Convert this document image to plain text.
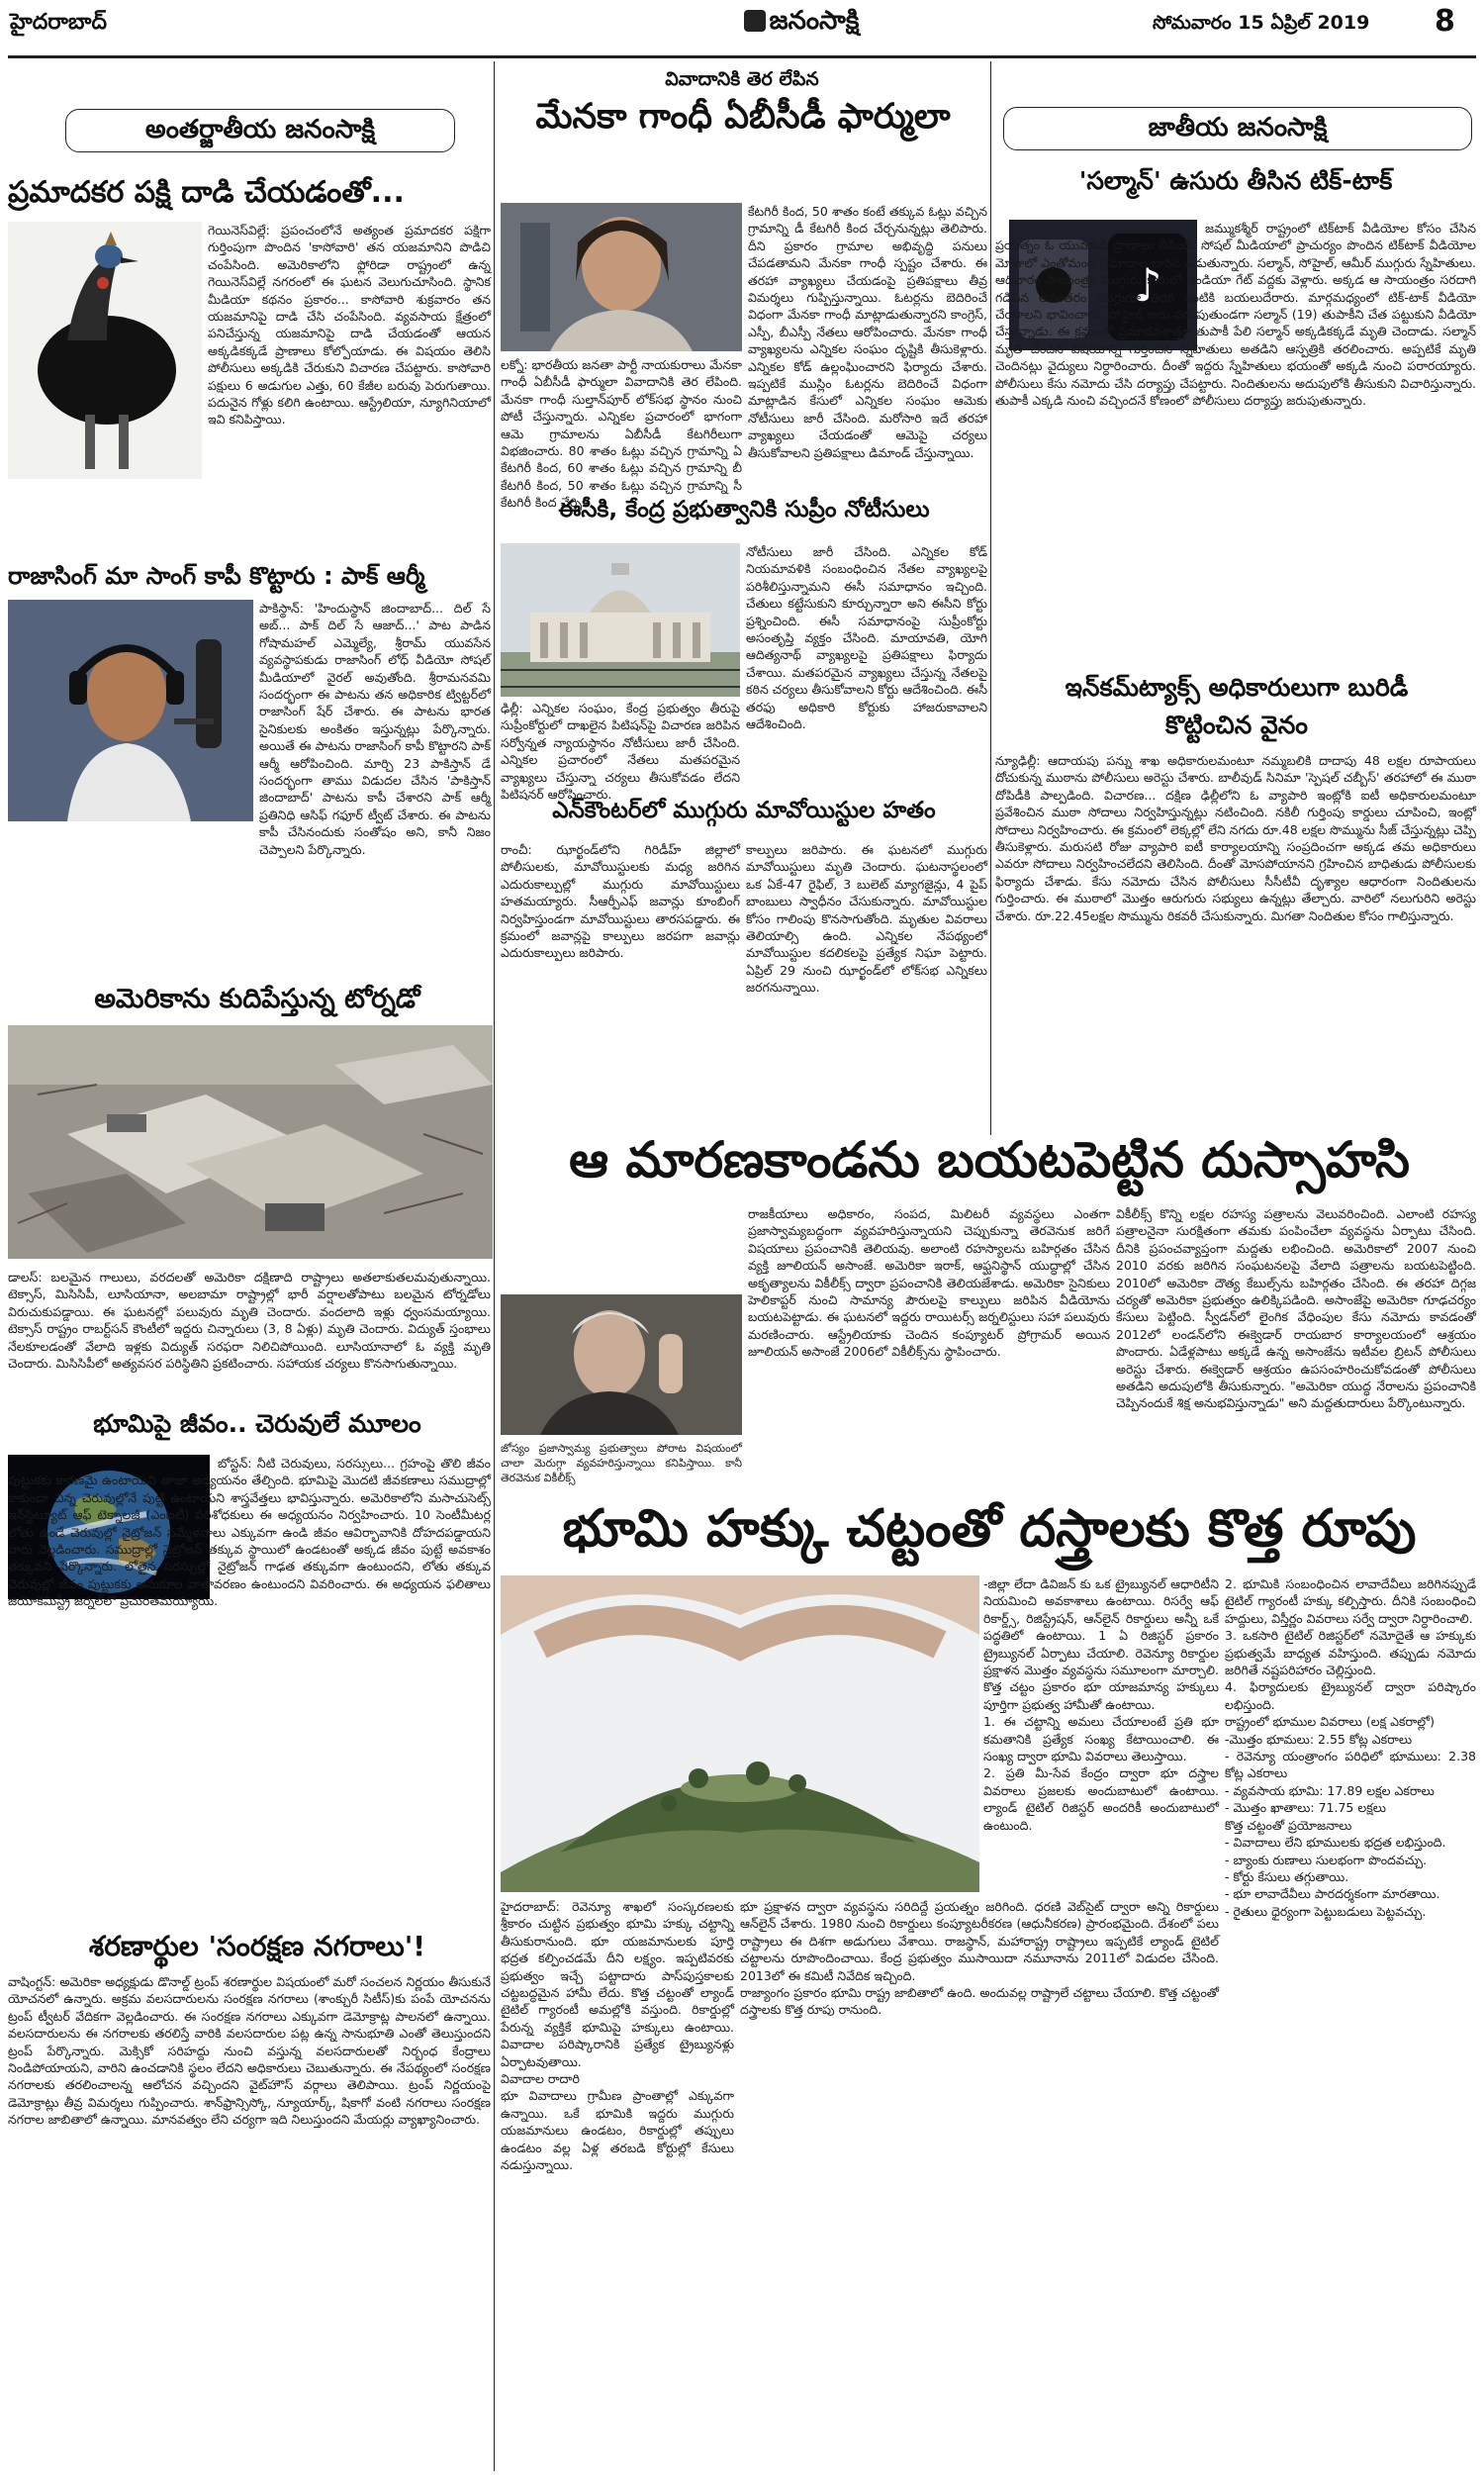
హైదరాబాద్	జనంసాక్షి	సోమవారం 15 ఏప్రిల్ 2019	8
అంతర్జాతీయ జనంసాక్షి
ప్రమాదకర పక్షి దాడి చేయడంతో...
గెయినెస్‌విల్లే: ప్రపంచంలోనే అత్యంత ప్రమాదకర పక్షిగా గుర్తింపుగా పొందిన 'కాసోవారి' తన యజమానిని పొడిచి చంపేసింది. అమెరికాలోని ఫ్లోరిడా రాష్ట్రంలో ఉన్న గెయినెస్‌విల్లే నగరంలో ఈ ఘటన వెలుగుచూసింది. స్థానిక మీడియా కథనం ప్రకారం... కాసోవారి శుక్రవారం తన యజమానిపై దాడి చేసి చంపేసింది. వ్యవసాయ క్షేత్రంలో పనిచేస్తున్న యజమానిపై దాడి చేయడంతో ఆయన అక్కడికక్కడే ప్రాణాలు కోల్పోయాడు. ఈ విషయం తెలిసి పోలీసులు అక్కడికి చేరుకుని విచారణ చేపట్టారు. కాసోవారి పక్షులు 6 అడుగుల ఎత్తు, 60 కేజీల బరువు పెరుగుతాయి. పదునైన గోళ్లు కలిగి ఉంటాయి. ఆస్ట్రేలియా, న్యూగినియాలో ఇవి కనిపిస్తాయి.
రాజాసింగ్‌ మా సాంగ్‌ కాపీ కొట్టారు : పాక్‌ ఆర్మీ
పాకిస్థాన్‌: 'హిందుస్థాన్‌ జిందాబాద్‌... దిల్‌ సే అబ్‌... పాక్‌ దిల్‌ సే ఆజాద్‌...' పాట పాడిన గోషామహల్‌ ఎమ్మెల్యే, శ్రీరామ్‌ యువసేన వ్యవస్థాపకుడు రాజాసింగ్‌ లోధ్‌ వీడియో సోషల్‌ మీడియాలో వైరల్‌ అవుతోంది. శ్రీరామనవమి సందర్భంగా ఈ పాటను తన అధికారిక ట్విట్టర్‌లో రాజాసింగ్‌ షేర్‌ చేశారు. ఈ పాటను భారత సైనికులకు అంకితం ఇస్తున్నట్లు పేర్కొన్నారు. అయితే ఈ పాటను రాజాసింగ్‌ కాపీ కొట్టారని పాక్‌ ఆర్మీ ఆరోపించింది. మార్చి 23 పాకిస్తాన్‌ డే సందర్భంగా తాము విడుదల చేసిన 'పాకిస్తాన్‌ జిందాబాద్‌' పాటను కాపీ చేశారని పాక్‌ ఆర్మీ ప్రతినిధి ఆసిఫ్‌ గఫూర్‌ ట్వీట్‌ చేశారు. ఈ పాటను కాపీ చేసినందుకు సంతోషం అని, కానీ నిజం చెప్పాలని పేర్కొన్నారు.
అమెరికాను కుదిపేస్తున్న టోర్నడో
డాలస్‌: బలమైన గాలులు, వరదలతో అమెరికా దక్షిణాది రాష్ట్రాలు అతలాకుతలమవుతున్నాయి. టెక్సాస్‌, మిసిసిపీ, లూసియానా, అలబామా రాష్ట్రాల్లో భారీ వర్షాలతోపాటు బలమైన టోర్నడోలు విరుచుకుపడ్డాయి. ఈ ఘటనల్లో పలువురు మృతి చెందారు. వందలాది ఇళ్లు ధ్వంసమయ్యాయి. టెక్సాస్‌ రాష్ట్రం రాబర్ట్‌సన్‌ కౌంటీలో ఇద్దరు చిన్నారులు (3, 8 ఏళ్లు) మృతి చెందారు. విద్యుత్‌ స్తంభాలు నేలకూలడంతో వేలాది ఇళ్లకు విద్యుత్‌ సరఫరా నిలిచిపోయింది. లూసియానాలో ఓ వ్యక్తి మృతి చెందారు. మిసిసిపీలో అత్యవసర పరిస్థితిని ప్రకటించారు. సహాయక చర్యలు కొనసాగుతున్నాయి.
భూమిపై జీవం.. చెరువులే మూలం
బోస్టన్‌: నీటి చెరువులు, సరస్సులు... గ్రహంపై తొలి జీవం పుట్టుకకు కారణమై ఉంటాయని తాజా అధ్యయనం తేల్చింది. భూమిపై మొదటి జీవకణాలు సముద్రాల్లో కాకుండా చిన్న చెరువుల్లోనే పుట్టి ఉంటాయని శాస్త్రవేత్తలు భావిస్తున్నారు. అమెరికాలోని మసాచుసెట్స్‌ ఇన్‌స్టిట్యూట్‌ ఆఫ్‌ టెక్నాలజీ (ఎంఐటీ) పరిశోధకులు ఈ అధ్యయనం నిర్వహించారు. 10 సెంటీమీటర్ల లోతు ఉండే చెరువుల్లో నైట్రోజన్‌ సమ్మేళనాలు ఎక్కువగా ఉండి జీవం ఆవిర్భావానికి దోహదపడ్డాయని వారు వెల్లడించారు. సముద్రాల్లో నైట్రోజన్‌ తక్కువ స్థాయిలో ఉండటంతో అక్కడ జీవం పుట్టే అవకాశం తక్కువని పేర్కొన్నారు. లోతైన సరస్సుల్లో నైట్రోజన్‌ గాఢత తక్కువగా ఉంటుందని, లోతు తక్కువ చెరువుల్లో జీవం పుట్టుకకు అనుకూల వాతావరణం ఉంటుందని వివరించారు. ఈ అధ్యయన ఫలితాలు జియోకెమిస్ట్రీ జర్నల్‌లో ప్రచురితమయ్యాయి.
శరణార్థుల 'సంరక్షణ నగరాలు'!
వాషింగ్టన్‌: అమెరికా అధ్యక్షుడు డొనాల్డ్‌ ట్రంప్‌ శరణార్థుల విషయంలో మరో సంచలన నిర్ణయం తీసుకునే యోచనలో ఉన్నారు. అక్రమ వలసదారులను సంరక్షణ నగరాలు (శాంక్చురీ సిటీస్‌)కు పంపే యోచనను ట్రంప్‌ ట్వీటర్‌ వేదికగా వెల్లడించారు. ఈ సంరక్షణ నగరాలు ఎక్కువగా డెమోక్రాట్ల పాలనలో ఉన్నాయి. వలసదారులను ఈ నగరాలకు తరలిస్తే వారికి వలసదారుల పట్ల ఉన్న సానుభూతి ఎంతో తెలుస్తుందని ట్రంప్‌ పేర్కొన్నారు. మెక్సికో సరిహద్దు నుంచి వస్తున్న వలసదారులతో నిర్బంధ కేంద్రాలు నిండిపోయాయని, వారిని ఉంచడానికి స్థలం లేదని అధికారులు చెబుతున్నారు. ఈ నేపథ్యంలో సంరక్షణ నగరాలకు తరలించాలన్న ఆలోచన వచ్చిందని వైట్‌హౌస్‌ వర్గాలు తెలిపాయి. ట్రంప్‌ నిర్ణయంపై డెమోక్రాట్లు తీవ్ర విమర్శలు గుప్పించారు. శాన్‌ఫ్రాన్సిస్కో, న్యూయార్క్‌, షికాగో వంటి నగరాలు సంరక్షణ నగరాల జాబితాలో ఉన్నాయి. మానవత్వం లేని చర్యగా ఇది నిలుస్తుందని మేయర్లు వ్యాఖ్యానించారు.
వివాదానికి తెర లేపిన
మేనకా గాంధీ ఏబీసీడీ ఫార్ములా
లక్నో: భారతీయ జనతా పార్టీ నాయకురాలు మేనకా గాంధీ ఏబీసీడీ ఫార్ములా వివాదానికి తెర లేపింది. మేనకా గాంధీ సుల్తాన్‌పూర్‌ లోక్‌సభ స్థానం నుంచి పోటీ చేస్తున్నారు. ఎన్నికల ప్రచారంలో భాగంగా ఆమె గ్రామాలను ఏబీసీడీ కేటగిరీలుగా విభజించారు. 80 శాతం ఓట్లు వచ్చిన గ్రామాన్ని ఏ కేటగిరీ కింద, 60 శాతం ఓట్లు వచ్చిన గ్రామాన్ని బీ కేటగిరీ కింద, 50 శాతం ఓట్లు వచ్చిన గ్రామాన్ని సీ కేటగిరీ కింద చేర్చి
కేటగిరీ కింద, 50 శాతం కంటే తక్కువ ఓట్లు వచ్చిన గ్రామాన్ని డీ కేటగిరీ కింద చేర్చనున్నట్లు తెలిపారు. దీని ప్రకారం గ్రామాల అభివృద్ధి పనులు చేపడతామని మేనకా గాంధీ స్పష్టం చేశారు. ఈ తరహా వ్యాఖ్యలు చేయడంపై ప్రతిపక్షాలు తీవ్ర విమర్శలు గుప్పిస్తున్నాయి. ఓటర్లను బెదిరించే విధంగా మేనకా గాంధీ మాట్లాడుతున్నారని కాంగ్రెస్‌, ఎస్పీ, బీఎస్పీ నేతలు ఆరోపించారు. మేనకా గాంధీ వ్యాఖ్యలను ఎన్నికల సంఘం దృష్టికి తీసుకెళ్లారు. ఎన్నికల కోడ్‌ ఉల్లంఘించారని ఫిర్యాదు చేశారు. ఇప్పటికే ముస్లిం ఓటర్లను బెదిరించే విధంగా మాట్లాడిన కేసులో ఎన్నికల సంఘం ఆమెకు నోటీసులు జారీ చేసింది. మరోసారి ఇదే తరహా వ్యాఖ్యలు చేయడంతో ఆమెపై చర్యలు తీసుకోవాలని ప్రతిపక్షాలు డిమాండ్‌ చేస్తున్నాయి.
ఈసీకి, కేంద్ర ప్రభుత్వానికి సుప్రీం నోటీసులు
ఢిల్లీ: ఎన్నికల సంఘం, కేంద్ర ప్రభుత్వం తీరుపై సుప్రీంకోర్టులో దాఖలైన పిటిషన్‌పై విచారణ జరిపిన సర్వోన్నత న్యాయస్థానం నోటీసులు జారీ చేసింది. ఎన్నికల ప్రచారంలో నేతలు మతపరమైన వ్యాఖ్యలు చేస్తున్నా చర్యలు తీసుకోవడం లేదని పిటిషనర్‌ ఆరోపించారు.
నోటీసులు జారీ చేసింది. ఎన్నికల కోడ్‌ నియమావళికి సంబంధించిన నేతల వ్యాఖ్యలపై పరిశీలిస్తున్నామని ఈసీ సమాధానం ఇచ్చింది. చేతులు కట్టేసుకుని కూర్చున్నారా అని ఈసీని కోర్టు ప్రశ్నించింది. ఈసీ సమాధానంపై సుప్రీంకోర్టు అసంతృప్తి వ్యక్తం చేసింది. మాయావతి, యోగి ఆదిత్యనాథ్‌ వ్యాఖ్యలపై ప్రతిపక్షాలు ఫిర్యాదు చేశాయి. మతపరమైన వ్యాఖ్యలు చేస్తున్న నేతలపై కఠిన చర్యలు తీసుకోవాలని కోర్టు ఆదేశించింది. ఈసీ తరఫు అధికారి కోర్టుకు హాజరుకావాలని ఆదేశించింది.
ఎన్‌కౌంటర్‌లో ముగ్గురు మావోయిస్టుల హతం
రాంచీ: ఝార్ఖండ్‌లోని గిరిడీహ్‌ జిల్లాలో పోలీసులకు, మావోయిస్టులకు మధ్య జరిగిన ఎదురుకాల్పుల్లో ముగ్గురు మావోయిస్టులు హతమయ్యారు. సీఆర్పీఎఫ్‌ జవాన్లు కూంబింగ్‌ నిర్వహిస్తుండగా మావోయిస్టులు తారసపడ్డారు. ఈ క్రమంలో జవాన్లపై కాల్పులు జరపగా జవాన్లు ఎదురుకాల్పులు జరిపారు.
కాల్పులు జరిపారు. ఈ ఘటనలో ముగ్గురు మావోయిస్టులు మృతి చెందారు. ఘటనాస్థలంలో ఒక ఏకే-47 రైఫిల్‌, 3 బులెట్‌ మ్యాగజైన్లు, 4 పైప్‌ బాంబులు స్వాధీనం చేసుకున్నారు. మావోయిస్టుల కోసం గాలింపు కొనసాగుతోంది. మృతుల వివరాలు తెలియాల్సి ఉంది. ఎన్నికల నేపథ్యంలో మావోయిస్టుల కదలికలపై ప్రత్యేక నిఘా పెట్టారు. ఏప్రిల్‌ 29 నుంచి ఝార్ఖండ్‌లో లోక్‌సభ ఎన్నికలు జరగనున్నాయి.
జాతీయ జనంసాక్షి
'సల్మాన్‌' ఉసురు తీసిన టిక్‌-టాక్‌
♪
జమ్ముకశ్మీర్‌ రాష్ట్రంలో టిక్‌టాక్‌ వీడియోల కోసం చేసిన ప్రయత్నం ఓ యువకుడి ప్రాణాలు తీసింది. సోషల్‌ మీడియాలో ప్రాచుర్యం పొందిన టిక్‌టాక్‌ వీడియోల మోజులో ఎంతోమంది ప్రమాదాల బారిన పడుతున్నారు. సల్మాన్‌, సోహైల్‌, ఆమీర్‌ ముగ్గురు స్నేహితులు. ఆదివారం సాయంత్రం ముగ్గురు కారులో ఇండియా గేట్‌ వద్దకు వెళ్లారు. అక్కడ ఆ సాయంత్రం సరదాగి గడిపిన అనంతరం ముగ్గురూ తిరిగి ఇంటికి బయలుదేరారు. మార్గమధ్యంలో టిక్‌-టాక్‌ వీడియో చేయాలని భావించారు. సోహైల్‌ కారు నడుపుతుండగా సల్మాన్‌ (19) తుపాకీని చేత పట్టుకుని వీడియో చేస్తున్నాడు. ఈ క్రమంలో ప్రమాదవశాత్తూ తుపాకీ పేలి సల్మాన్‌ అక్కడికక్కడే మృతి చెందాడు. సల్మాన్‌ మృతి చెందిన విషయాన్ని గుర్తించిన స్నేహితులు అతడిని ఆస్పత్రికి తరలించారు. అప్పటికే మృతి చెందినట్లు వైద్యులు నిర్ధారించారు. దీంతో ఇద్దరు స్నేహితులు భయంతో అక్కడి నుంచి పరారయ్యారు. పోలీసులు కేసు నమోదు చేసి దర్యాప్తు చేపట్టారు. నిందితులను అదుపులోకి తీసుకుని విచారిస్తున్నారు. తుపాకీ ఎక్కడి నుంచి వచ్చిందనే కోణంలో పోలీసులు దర్యాప్తు జరుపుతున్నారు.
ఇన్‌కమ్‌ట్యాక్స్‌ అధికారులుగా బురిడీ కొట్టించిన వైనం
న్యూఢిల్లీ: ఆదాయపు పన్ను శాఖ అధికారులమంటూ నమ్మబలికి దాదాపు 48 లక్షల రూపాయలు దోచుకున్న ముఠాను పోలీసులు అరెస్టు చేశారు. బాలీవుడ్‌ సినిమా 'స్పెషల్‌ చబ్బీస్‌' తరహాలో ఈ ముఠా దోపిడీకి పాల్పడింది. విచారణ... దక్షిణ ఢిల్లీలోని ఓ వ్యాపారి ఇంట్లోకి ఐటీ అధికారులమంటూ ప్రవేశించిన ముఠా సోదాలు నిర్వహిస్తున్నట్లు నటించింది. నకిలీ గుర్తింపు కార్డులు చూపించి, ఇంట్లో సోదాలు నిర్వహించారు. ఈ క్రమంలో లెక్కల్లో లేని నగదు రూ.48 లక్షల సొమ్మును సీజ్‌ చేస్తున్నట్లు చెప్పి తీసుకెళ్లారు. మరుసటి రోజు వ్యాపారి ఐటీ కార్యాలయాన్ని సంప్రదించగా అక్కడ తమ అధికారులు ఎవరూ సోదాలు నిర్వహించలేదని తెలిసింది. దీంతో మోసపోయానని గ్రహించిన బాధితుడు పోలీసులకు ఫిర్యాదు చేశాడు. కేసు నమోదు చేసిన పోలీసులు సీసీటీవీ దృశ్యాల ఆధారంగా నిందితులను గుర్తించారు. ఈ ముఠాలో మొత్తం ఆరుగురు సభ్యులు ఉన్నట్లు తేల్చారు. వారిలో నలుగురిని అరెస్టు చేశారు. రూ.22.45లక్షల సొమ్మును రికవరీ చేసుకున్నారు. మిగతా నిందితుల కోసం గాలిస్తున్నారు.
ఆ మారణకాండను బయటపెట్టిన దుస్సాహసి
జోస్యం ప్రజాస్వామ్య ప్రభుత్వాలు పోరాట విషయంలో చాలా మెరుగ్గా వ్యవహరిస్తున్నాయి కనిపిస్తాయి. కానీ తెరవెనుక వికీలీక్స్‌
రాజకీయాలు అధికారం, సంపద, మిలిటరీ వ్యవస్థలు ఎంతగా ప్రజాస్వామ్యబద్ధంగా వ్యవహరిస్తున్నాయని చెప్పుకున్నా తెరవెనుక జరిగే విషయాలు ప్రపంచానికి తెలియవు. అలాంటి రహస్యాలను బహిర్గతం చేసిన వ్యక్తి జూలియన్‌ అసాంజే. అమెరికా ఇరాక్‌, ఆఫ్ఘనిస్థాన్‌ యుద్ధాల్లో చేసిన అకృత్యాలను వికీలీక్స్‌ ద్వారా ప్రపంచానికి తెలియజేశాడు. అమెరికా సైనికులు హెలికాప్టర్‌ నుంచి సామాన్య పౌరులపై కాల్పులు జరిపిన వీడియోను బయటపెట్టాడు. ఈ ఘటనలో ఇద్దరు రాయిటర్స్‌ జర్నలిస్టులు సహా పలువురు మరణించారు. ఆస్ట్రేలియాకు చెందిన కంప్యూటర్‌ ప్రోగ్రామర్‌ అయిన జూలియన్‌ అసాంజే 2006లో వికీలీక్స్‌ను స్థాపించారు.
వికీలీక్స్‌ కొన్ని లక్షల రహస్య పత్రాలను వెలువరించింది. ఎలాంటి రహస్య పత్రాలనైనా సురక్షితంగా తమకు పంపించేలా వ్యవస్థను ఏర్పాటు చేసింది. దీనికి ప్రపంచవ్యాప్తంగా మద్దతు లభించింది. అమెరికాలో 2007 నుంచి 2010 వరకు జరిగిన సంఘటనలపై వేలాది పత్రాలను బయటపెట్టింది. 2010లో అమెరికా దౌత్య కేబుల్స్‌ను బహిర్గతం చేసింది. ఈ తరహా దిగ్గజ చర్యతో అమెరికా ప్రభుత్వం ఉలిక్కిపడింది. అసాంజేపై అమెరికా గూఢచర్యం కేసులు పెట్టింది. స్వీడన్‌లో లైంగిక వేధింపుల కేసు నమోదు కావడంతో 2012లో లండన్‌లోని ఈక్వెడార్‌ రాయబార కార్యాలయంలో ఆశ్రయం పొందారు. ఏడేళ్లపాటు అక్కడే ఉన్న అసాంజేను ఇటీవల బ్రిటన్‌ పోలీసులు అరెస్టు చేశారు. ఈక్వెడార్‌ ఆశ్రయం ఉపసంహరించుకోవడంతో పోలీసులు అతడిని అదుపులోకి తీసుకున్నారు. "అమెరికా యుద్ధ నేరాలను ప్రపంచానికి చెప్పినందుకే శిక్ష అనుభవిస్తున్నాడు" అని మద్దతుదారులు పేర్కొంటున్నారు.
భూమి హక్కు చట్టంతో దస్త్రాలకు కొత్త రూపు
-జిల్లా లేదా డివిజన్‌ కు ఒక ట్రైబ్యునల్‌ ఆధారిటీని నియమించి అవకాశాలు ఉంటాయి. రిసర్వే ఆఫ్‌ రికార్డ్స్‌, రిజిస్ట్రేషన్‌, ఆన్‌లైన్‌ రికార్డులు అన్నీ ఒకే పద్ధతిలో ఉంటాయి. 1 ఏ రిజిస్టర్‌ ప్రకారం ట్రైబ్యునల్‌ ఏర్పాటు చేయాలి. రెవెన్యూ రికార్డుల ప్రక్షాళన మొత్తం వ్యవస్థను సమూలంగా మార్చాలి. కొత్త చట్టం ప్రకారం భూ యాజమాన్య హక్కులు పూర్తిగా ప్రభుత్వ హామీతో ఉంటాయి.
1. ఈ చట్టాన్ని అమలు చేయాలంటే ప్రతి భూ కమతానికి ప్రత్యేక సంఖ్య కేటాయించాలి. ఈ సంఖ్య ద్వారా భూమి వివరాలు తెలుస్తాయి.
2. ప్రతి మీ-సేవ కేంద్రం ద్వారా భూ దస్త్రాల వివరాలు ప్రజలకు అందుబాటులో ఉంటాయి. ల్యాండ్‌ టైటిల్‌ రిజిస్టర్‌ అందరికీ అందుబాటులో ఉంటుంది.
హైదరాబాద్‌: రెవెన్యూ శాఖలో సంస్కరణలకు శ్రీకారం చుట్టిన ప్రభుత్వం భూమి హక్కు చట్టాన్ని తీసుకురానుంది. భూ యజమానులకు పూర్తి భద్రత కల్పించడమే దీని లక్ష్యం. ఇప్పటివరకు ప్రభుత్వం ఇచ్చే పట్టాదారు పాస్‌పుస్తకాలకు చట్టబద్ధమైన హామీ లేదు. కొత్త చట్టంతో ల్యాండ్‌ టైటిల్‌ గ్యారంటీ అమల్లోకి వస్తుంది. రికార్డుల్లో పేరున్న వ్యక్తికే భూమిపై హక్కులు ఉంటాయి. వివాదాల పరిష్కారానికి ప్రత్యేక ట్రైబ్యునళ్లు ఏర్పాటవుతాయి.
వివాదాల రాదారి
భూ వివాదాలు గ్రామీణ ప్రాంతాల్లో ఎక్కువగా ఉన్నాయి. ఒకే భూమికి ఇద్దరు ముగ్గురు యజమానులు ఉండటం, రికార్డుల్లో తప్పులు ఉండటం వల్ల ఏళ్ల తరబడి కోర్టుల్లో కేసులు నడుస్తున్నాయి.
భూ ప్రక్షాళన ద్వారా వ్యవస్థను సరిదిద్దే ప్రయత్నం జరిగింది. ధరణి వెబ్‌సైట్‌ ద్వారా అన్ని రికార్డులు ఆన్‌లైన్‌ చేశారు. 1980 నుంచి రికార్డులు కంప్యూటరీకరణ (ఆధునీకరణ) ప్రారంభమైంది. దేశంలో పలు రాష్ట్రాలు ఈ దిశగా అడుగులు వేశాయి. రాజస్థాన్‌, మహారాష్ట్ర రాష్ట్రాలు ఇప్పటికే ల్యాండ్‌ టైటిల్‌ చట్టాలను రూపొందించాయి. కేంద్ర ప్రభుత్వం ముసాయిదా నమూనాను 2011లో విడుదల చేసింది. 2013లో ఈ కమిటీ నివేదిక ఇచ్చింది.
రాజ్యాంగం ప్రకారం భూమి రాష్ట్ర జాబితాలో ఉంది. అందువల్ల రాష్ట్రాలే చట్టాలు చేయాలి. కొత్త చట్టంతో దస్త్రాలకు కొత్త రూపు రానుంది.
2. భూమికి సంబంధించిన లావాదేవీలు జరిగినప్పుడే టైటిల్‌ గ్యారంటీ హక్కు కల్పిస్తారు. దీనికి సంబంధించి హద్దులు, విస్తీర్ణం వివరాలు సర్వే ద్వారా నిర్ధారించాలి.
3. ఒకసారి టైటిల్‌ రిజిస్టర్‌లో నమోదైతే ఆ హక్కుకు ప్రభుత్వమే బాధ్యత వహిస్తుంది. తప్పుడు నమోదు జరిగితే నష్టపరిహారం చెల్లిస్తుంది.
4. ఫిర్యాదులకు ట్రైబ్యునల్‌ ద్వారా పరిష్కారం లభిస్తుంది.
రాష్ట్రంలో భూముల వివరాలు (లక్ష ఎకరాల్లో)
-మొత్తం భూమలు: 2.55 కోట్ల ఎకరాలు
- రెవెన్యూ యంత్రాంగం పరిధిలో భూములు: 2.38 కోట్ల ఎకరాలు
- వ్యవసాయ భూమి: 17.89 లక్షల ఎకరాలు
- మొత్తం ఖాతాలు: 71.75 లక్షలు
కొత్త చట్టంతో ప్రయోజనాలు
- వివాదాలు లేని భూములకు భద్రత లభిస్తుంది.
- బ్యాంకు రుణాలు సులభంగా పొందవచ్చు.
- కోర్టు కేసులు తగ్గుతాయి.
- భూ లావాదేవీలు పారదర్శకంగా మారతాయి.
- రైతులు ధైర్యంగా పెట్టుబడులు పెట్టవచ్చు.
